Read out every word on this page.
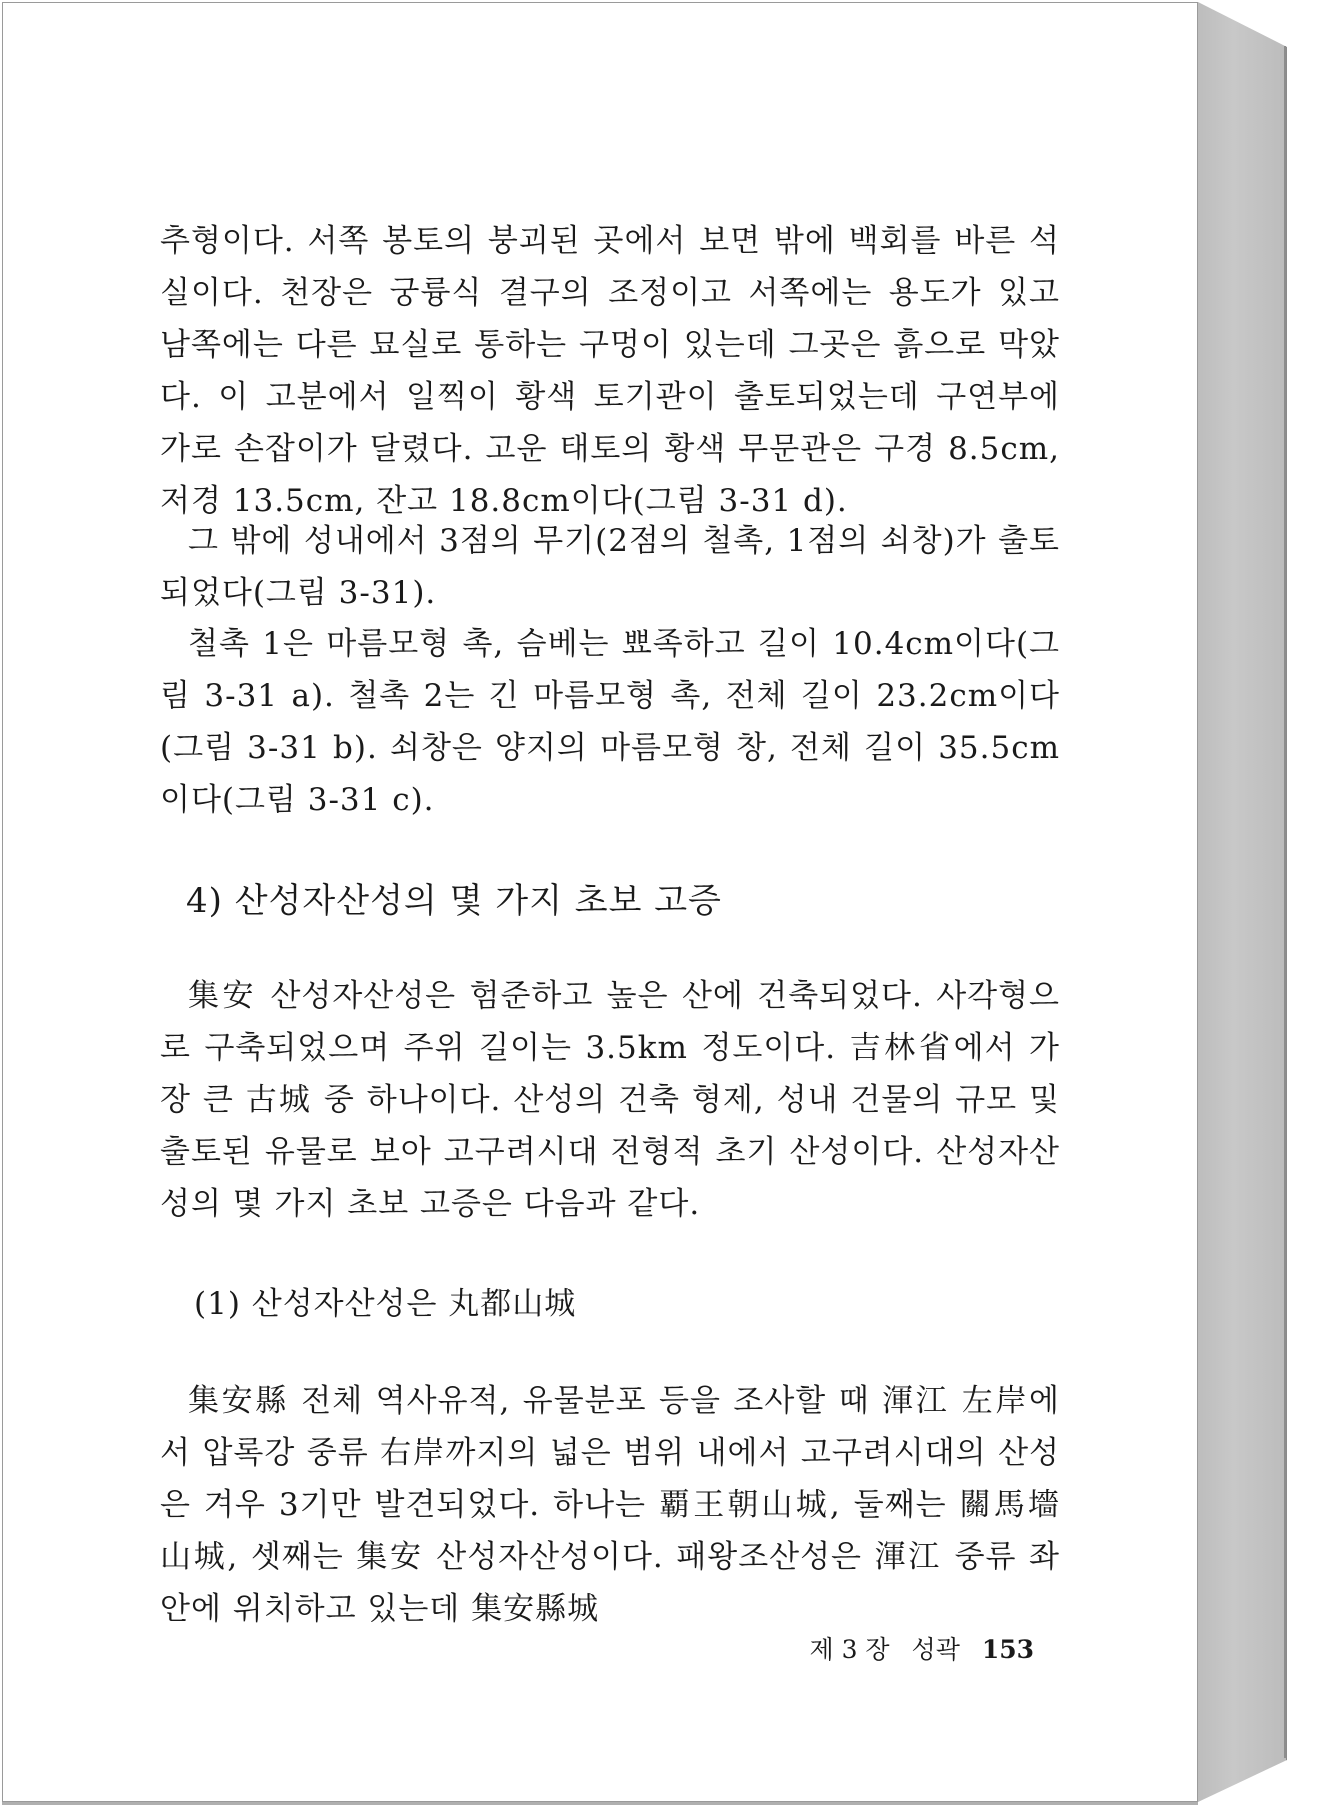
추형이다. 서쪽 봉토의 붕괴된 곳에서 보면 밖에 백회를 바른 석실이다. 천장은 궁륭식 결구의 조정이고 서쪽에는 용도가 있고 남쪽에는 다른 묘실로 통하는 구멍이 있는데 그곳은 흙으로 막았다. 이 고분에서 일찍이 황색 토기관이 출토되었는데 구연부에 가로 손잡이가 달렸다. 고운 태토의 황색 무문관은 구경 8.5cm, 저경 13.5cm, 잔고 18.8cm이다(그림 3-31 d).

그 밖에 성내에서 3점의 무기(2점의 철촉, 1점의 쇠창)가 출토되었다(그림 3-31).

철촉 1은 마름모형 촉, 슴베는 뾰족하고 길이 10.4cm이다(그림 3-31 a). 철촉 2는 긴 마름모형 촉, 전체 길이 23.2cm이다(그림 3-31 b). 쇠창은 양지의 마름모형 창, 전체 길이 35.5cm이다(그림 3-31 c).

4) 산성자산성의 몇 가지 초보 고증

集安 산성자산성은 험준하고 높은 산에 건축되었다. 사각형으로 구축되었으며 주위 길이는 3.5km 정도이다. 吉林省에서 가장 큰 古城 중 하나이다. 산성의 건축 형제, 성내 건물의 규모 및 출토된 유물로 보아 고구려시대 전형적 초기 산성이다. 산성자산성의 몇 가지 초보 고증은 다음과 같다.

(1) 산성자산성은 丸都山城

集安縣 전체 역사유적, 유물분포 등을 조사할 때 渾江 左岸에서 압록강 중류 右岸까지의 넓은 범위 내에서 고구려시대의 산성은 겨우 3기만 발견되었다. 하나는 覇王朝山城, 둘째는 關馬墻山城, 셋째는 集安 산성자산성이다. 패왕조산성은 渾江 중류 좌안에 위치하고 있는데 集安縣城

제 3 장 성곽 153
